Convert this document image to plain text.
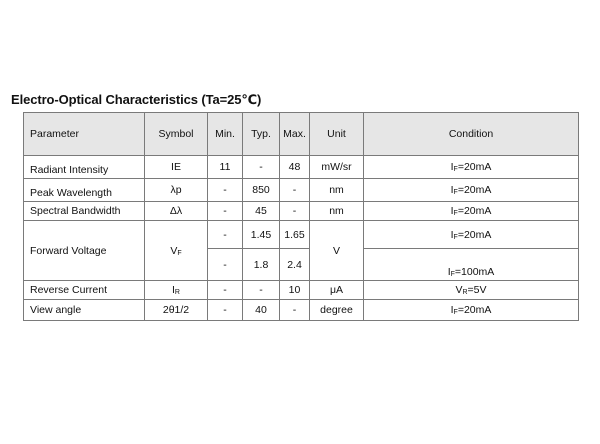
Electro-Optical Characteristics (Ta=25℃)
Parameter	Symbol	Min.	Typ.	Max.	Unit	Condition
Radiant Intensity	IE	11	-	48	mW/sr	$I_F=20mA$
Peak Wavelength	λp	-	850	-	nm	$I_F=20mA$
Spectral Bandwidth	Δλ	-	45	-	nm	$I_F=20mA$
Forward Voltage	$V_F$	-	1.45	1.65	V	$I_F=20mA$
		-	1.8	2.4		$I_F=100mA$
Reverse Current	$I_R$	-	-	10	μA	$V_R=5V$
View angle	2θ1/2	-	40	-	degree	$I_F=20mA$
